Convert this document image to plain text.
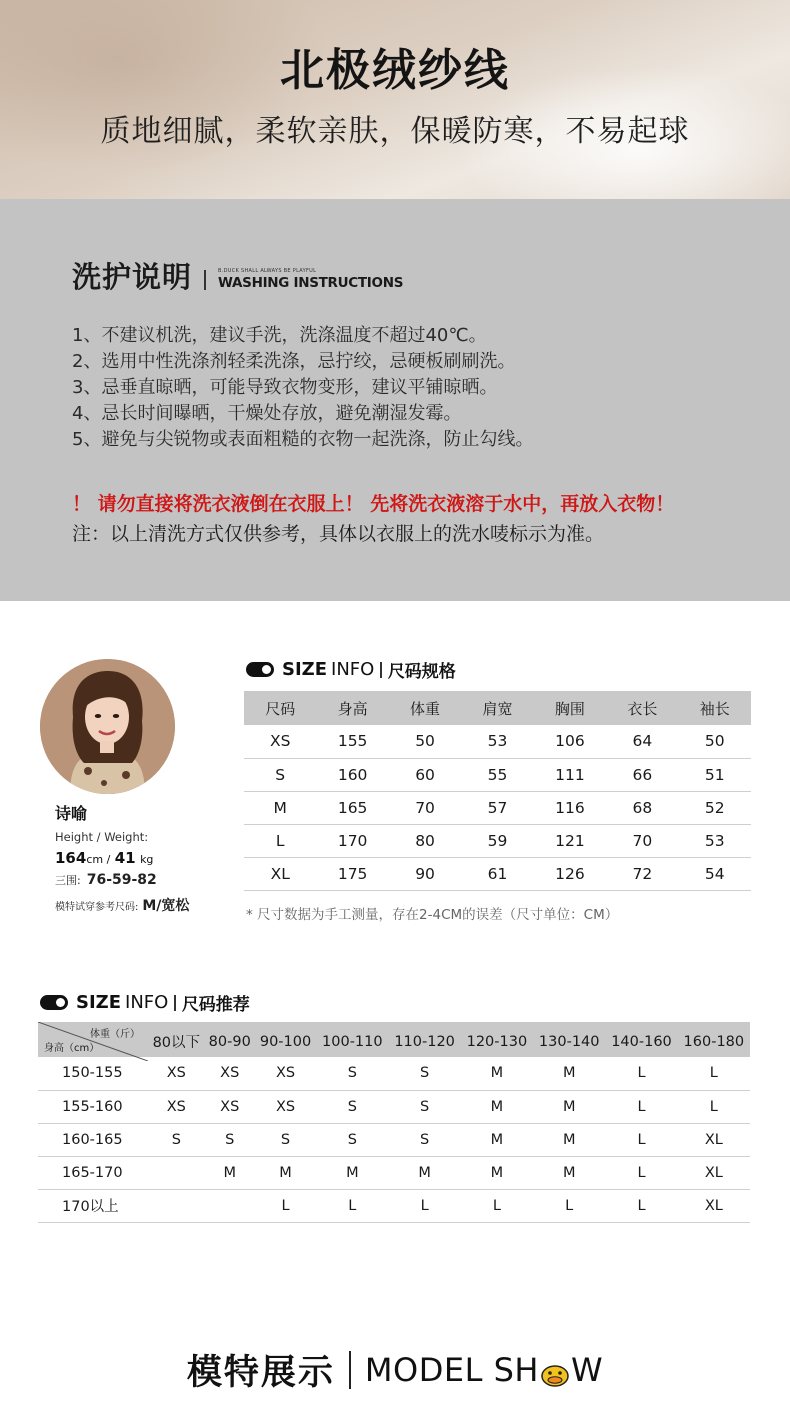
北极绒纱线
质地细腻，柔软亲肤，保暖防寒，不易起球
洗护说明	B.DUCK SHALL ALWAYS BE PLAYFUL
WASHING INSTRUCTIONS
1、不建议机洗，建议手洗，洗涤温度不超过40℃。
2、选用中性洗涤剂轻柔洗涤，忌拧绞，忌硬板刷刷洗。
3、忌垂直晾晒，可能导致衣物变形，建议平铺晾晒。
4、忌长时间曝晒，干燥处存放，避免潮湿发霉。
5、避免与尖锐物或表面粗糙的衣物一起洗涤，防止勾线。
！ 请勿直接将洗衣液倒在衣服上！ 先将洗衣液溶于水中，再放入衣物！
注：以上清洗方式仅供参考，具体以衣服上的洗水唛标示为准。
SIZE INFO 尺码规格
诗喻
Height / Weight:
164cm / 41 kg
三围: 76-59-82
模特试穿参考尺码: M/宽松
尺码	身高	体重	肩宽	胸围	衣长	袖长
XS	155	50	53	106	64	50
S	160	60	55	111	66	51
M	165	70	57	116	68	52
L	170	80	59	121	70	53
XL	175	90	61	126	72	54
* 尺寸数据为手工测量，存在2-4CM的误差（尺寸单位：CM）
SIZE INFO 尺码推荐
体重（斤）
身高（cm）	80以下	80-90	90-100	100-110	110-120	120-130	130-140	140-160	160-180
150-155	XS	XS	XS	S	S	M	M	L	L
155-160	XS	XS	XS	S	S	M	M	L	L
160-165	S	S	S	S	S	M	M	L	XL
165-170		M	M	M	M	M	M	L	XL
170以上			L	L	L	L	L	L	XL
模特展示 MODEL SH W
